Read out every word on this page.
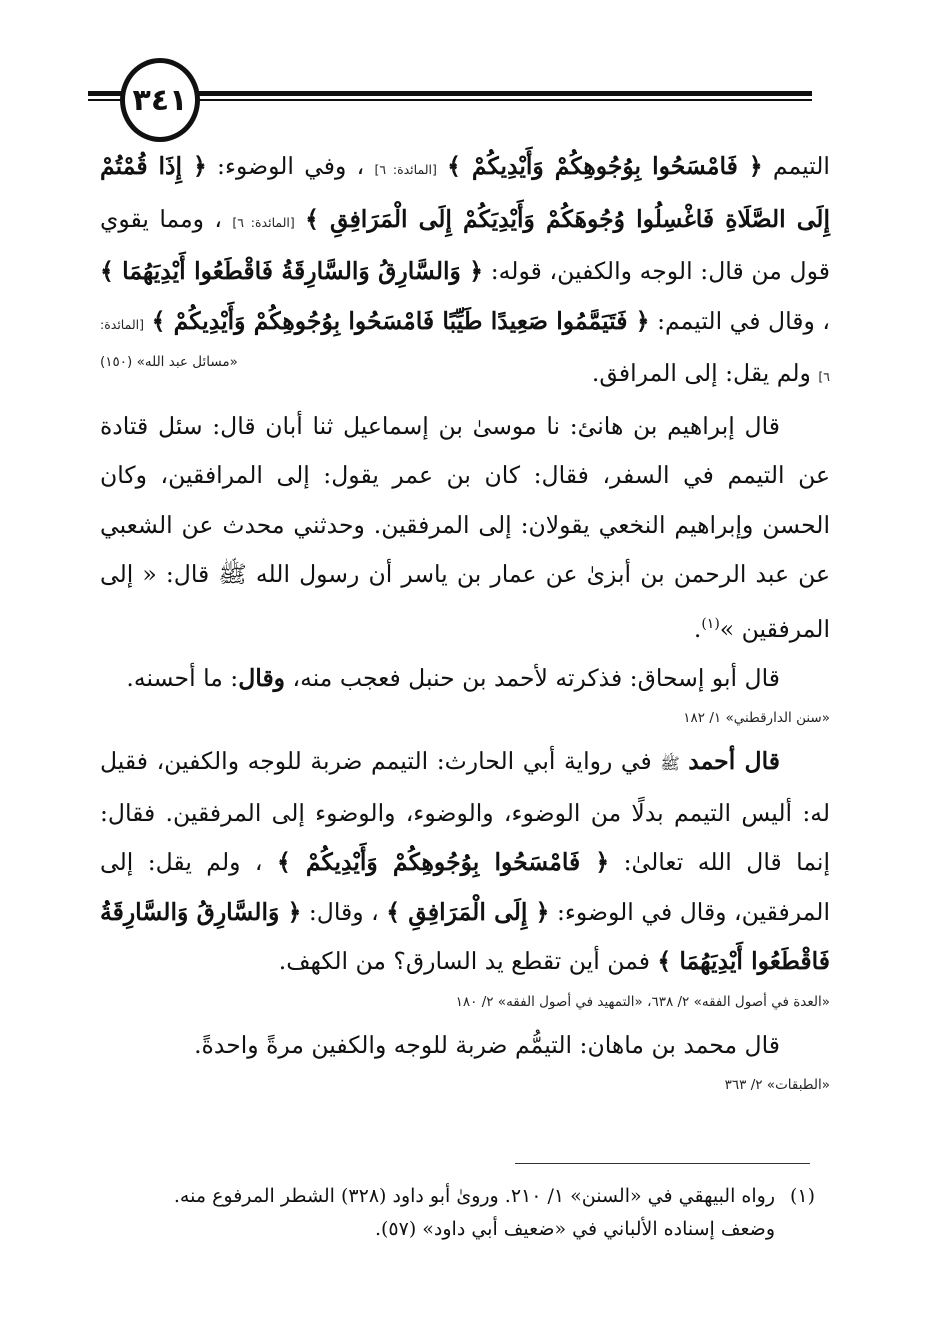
٣٤١

التيمم ﴿ فَامْسَحُوا بِوُجُوهِكُمْ وَأَيْدِيكُمْ ﴾ [المائدة: ٦] ، وفي الوضوء: ﴿ إِذَا قُمْتُمْ إِلَى الصَّلَاةِ فَاغْسِلُوا وُجُوهَكُمْ وَأَيْدِيَكُمْ إِلَى الْمَرَافِقِ ﴾ [المائدة: ٦] ، ومما يقوي قول من قال: الوجه والكفين، قوله: ﴿ وَالسَّارِقُ وَالسَّارِقَةُ فَاقْطَعُوا أَيْدِيَهُمَا ﴾ ، وقال في التيمم: ﴿ فَتَيَمَّمُوا صَعِيدًا طَيِّبًا فَامْسَحُوا بِوُجُوهِكُمْ وَأَيْدِيكُمْ ﴾ [المائدة: ٦] ولم يقل: إلى المرافق.
«مسائل عبد الله» (١٥٠)

قال إبراهيم بن هانئ: نا موسىٰ بن إسماعيل ثنا أبان قال: سئل قتادة عن التيمم في السفر، فقال: كان بن عمر يقول: إلى المرافقين، وكان الحسن وإبراهيم النخعي يقولان: إلى المرفقين. وحدثني محدث عن الشعبي عن عبد الرحمن بن أبزىٰ عن عمار بن ياسر أن رسول الله ﷺ قال: « إلى المرفقين »$^{(١)}$.

قال أبو إسحاق: فذكرته لأحمد بن حنبل فعجب منه، وقال: ما أحسنه.

«سنن الدارقطني» ١/ ١٨٢

قال أحمد ﷺ في رواية أبي الحارث: التيمم ضربة للوجه والكفين، فقيل له: أليس التيمم بدلًا من الوضوء، والوضوء، والوضوء إلى المرفقين. فقال: إنما قال الله تعالىٰ: ﴿ فَامْسَحُوا بِوُجُوهِكُمْ وَأَيْدِيكُمْ ﴾ ، ولم يقل: إلى المرفقين، وقال في الوضوء: ﴿ إِلَى الْمَرَافِقِ ﴾ ، وقال: ﴿ وَالسَّارِقُ وَالسَّارِقَةُ فَاقْطَعُوا أَيْدِيَهُمَا ﴾ فمن أين تقطع يد السارق؟ من الكهف.

«العدة في أصول الفقه» ٢/ ٦٣٨، «التمهيد في أصول الفقه» ٢/ ١٨٠

قال محمد بن ماهان: التيمُّم ضربة للوجه والكفين مرةً واحدةً.

«الطبقات» ٢/ ٣٦٣
(١)رواه البيهقي في «السنن» ١/ ٢١٠. ورویٰ أبو داود (٣٢٨) الشطر المرفوع منه.
وضعف إسناده الألباني في «ضعيف أبي داود» (٥٧).
